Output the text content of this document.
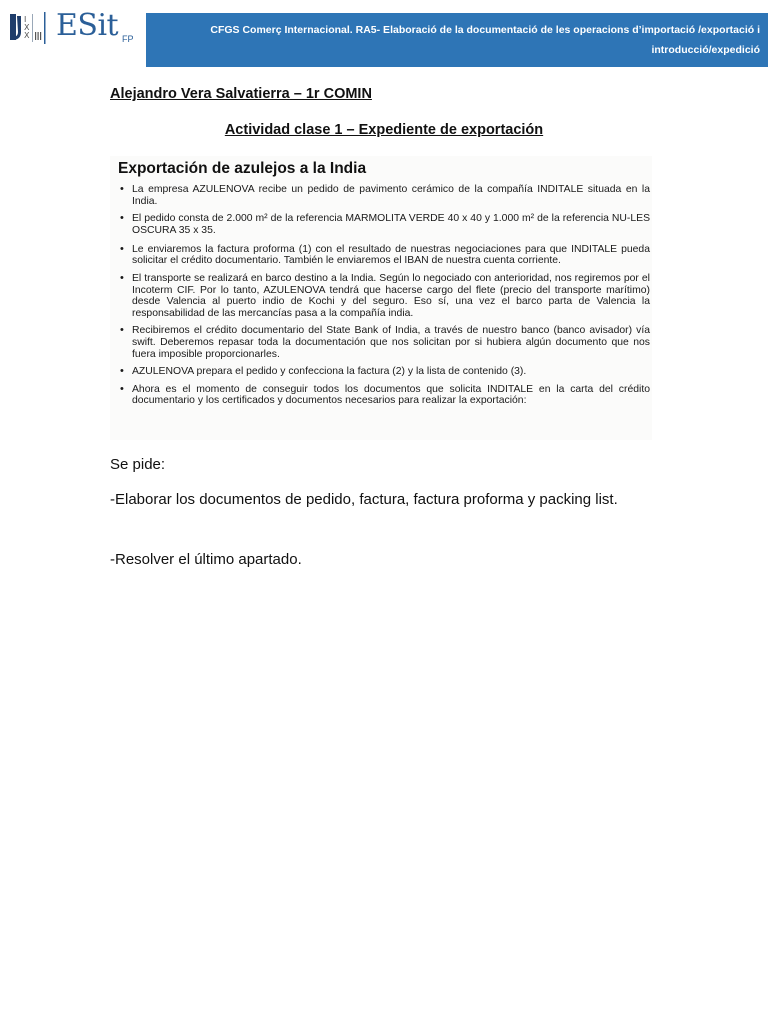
I
X
X ESit FP
CFGS Comerç Internacional. RA5- Elaboració de la documentació de les operacions d’importació /exportació i
introducció/expedició
Alejandro Vera Salvatierra – 1r COMIN
Actividad clase 1 – Expediente de exportación
Exportación de azulejos a la India
• La empresa AZULENOVA recibe un pedido de pavimento cerámico de la compañía INDITALE situada en la India.
• El pedido consta de 2.000 m² de la referencia MARMOLITA VERDE 40 x 40 y 1.000 m² de la referencia NU-LES OSCURA 35 x 35.
• Le enviaremos la factura proforma (1) con el resultado de nuestras negociaciones para que INDITALE pueda solicitar el crédito documentario. También le enviaremos el IBAN de nuestra cuenta corriente.
• El transporte se realizará en barco destino a la India. Según lo negociado con anterioridad, nos regiremos por el Incoterm CIF. Por lo tanto, AZULENOVA tendrá que hacerse cargo del flete (precio del transporte marítimo) desde Valencia al puerto indio de Kochi y del seguro. Eso sí, una vez el barco parta de Valencia la responsabilidad de las mercancías pasa a la compañía india.
• Recibiremos el crédito documentario del State Bank of India, a través de nuestro banco (banco avisador) vía swift. Deberemos repasar toda la documentación que nos solicitan por si hubiera algún documento que nos fuera imposible proporcionarles.
• AZULENOVA prepara el pedido y confecciona la factura (2) y la lista de contenido (3).
• Ahora es el momento de conseguir todos los documentos que solicita INDITALE en la carta del crédito documentario y los certificados y documentos necesarios para realizar la exportación:
Se pide:
-Elaborar los documentos de pedido, factura, factura proforma y packing list.
-Resolver el último apartado.
